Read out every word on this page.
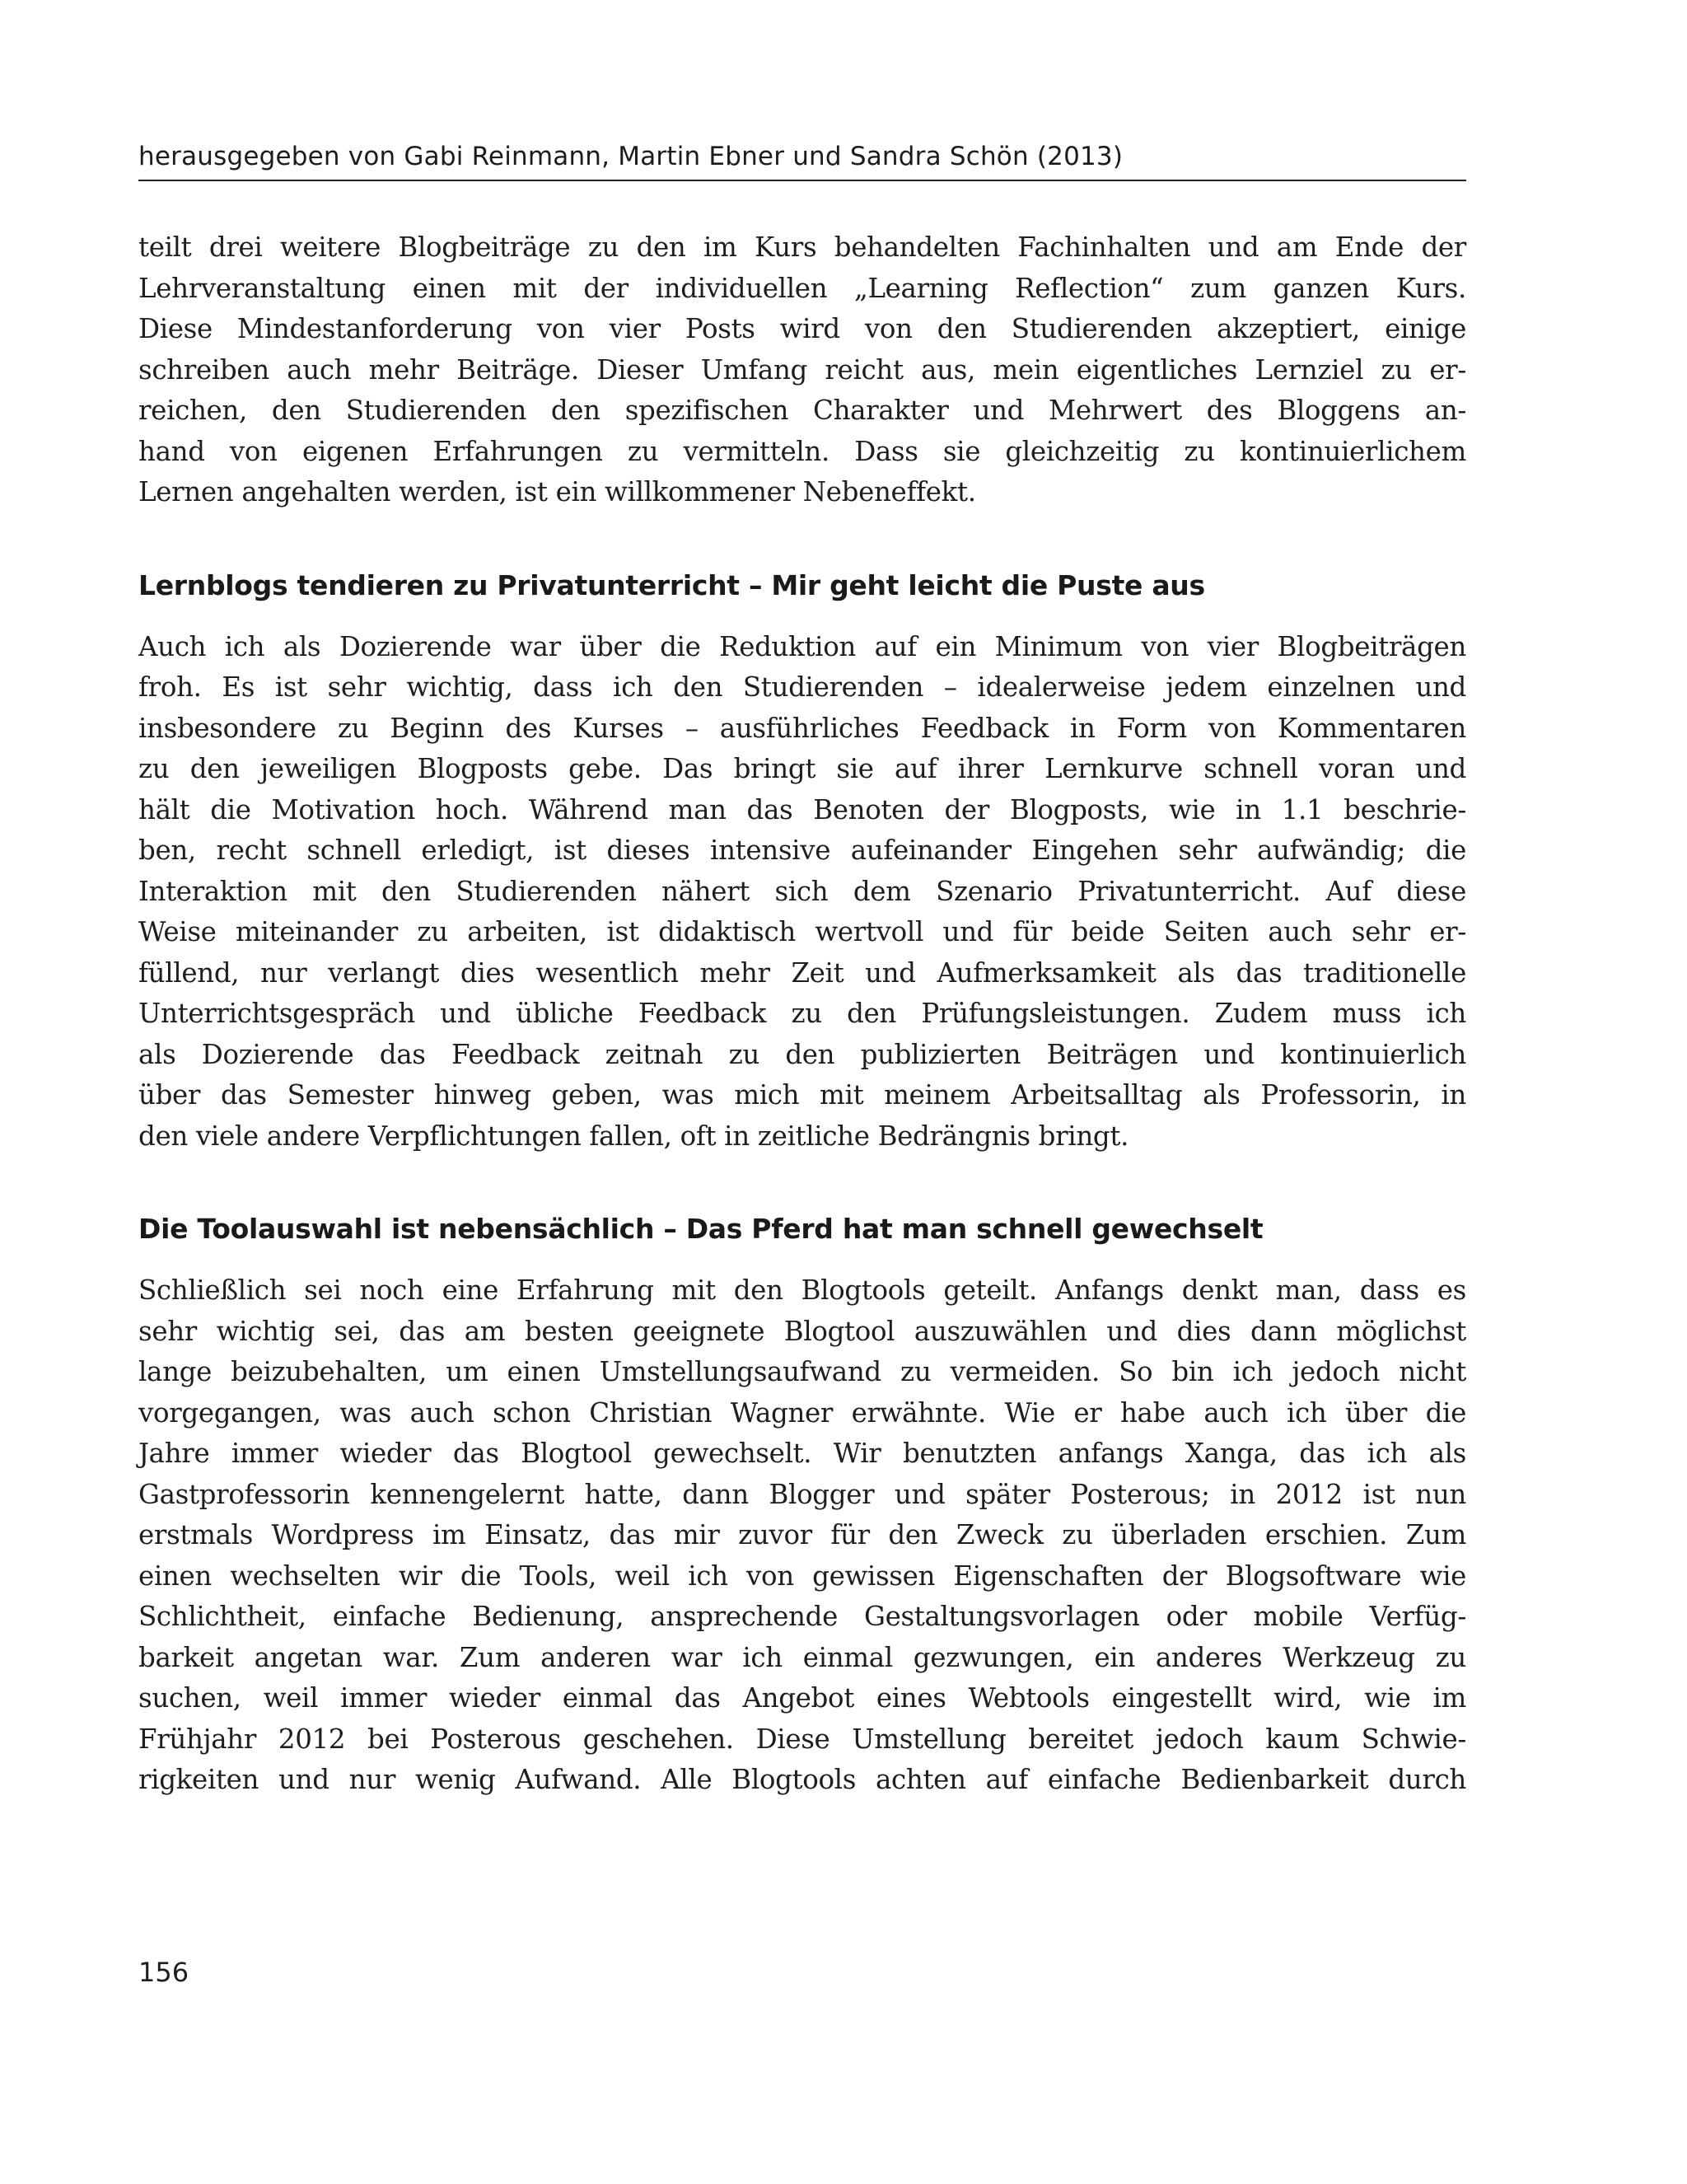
herausgegeben von Gabi Reinmann, Martin Ebner und Sandra Schön (2013)

teilt drei weitere Blogbeiträge zu den im Kurs behandelten Fachinhalten und am Ende der
Lehrveranstaltung einen mit der individuellen „Learning Reflection“ zum ganzen Kurs.
Diese Mindestanforderung von vier Posts wird von den Studierenden akzeptiert, einige
schreiben auch mehr Beiträge. Dieser Umfang reicht aus, mein eigentliches Lernziel zu er-
reichen, den Studierenden den spezifischen Charakter und Mehrwert des Bloggens an-
hand von eigenen Erfahrungen zu vermitteln. Dass sie gleichzeitig zu kontinuierlichem
Lernen angehalten werden, ist ein willkommener Nebeneffekt.

Lernblogs tendieren zu Privatunterricht – Mir geht leicht die Puste aus

Auch ich als Dozierende war über die Reduktion auf ein Minimum von vier Blogbeiträgen
froh. Es ist sehr wichtig, dass ich den Studierenden – idealerweise jedem einzelnen und
insbesondere zu Beginn des Kurses – ausführliches Feedback in Form von Kommentaren
zu den jeweiligen Blogposts gebe. Das bringt sie auf ihrer Lernkurve schnell voran und
hält die Motivation hoch. Während man das Benoten der Blogposts, wie in 1.1 beschrie-
ben, recht schnell erledigt, ist dieses intensive aufeinander Eingehen sehr aufwändig; die
Interaktion mit den Studierenden nähert sich dem Szenario Privatunterricht. Auf diese
Weise miteinander zu arbeiten, ist didaktisch wertvoll und für beide Seiten auch sehr er-
füllend, nur verlangt dies wesentlich mehr Zeit und Aufmerksamkeit als das traditionelle
Unterrichtsgespräch und übliche Feedback zu den Prüfungsleistungen. Zudem muss ich
als Dozierende das Feedback zeitnah zu den publizierten Beiträgen und kontinuierlich
über das Semester hinweg geben, was mich mit meinem Arbeitsalltag als Professorin, in
den viele andere Verpflichtungen fallen, oft in zeitliche Bedrängnis bringt.

Die Toolauswahl ist nebensächlich – Das Pferd hat man schnell gewechselt

Schließlich sei noch eine Erfahrung mit den Blogtools geteilt. Anfangs denkt man, dass es
sehr wichtig sei, das am besten geeignete Blogtool auszuwählen und dies dann möglichst
lange beizubehalten, um einen Umstellungsaufwand zu vermeiden. So bin ich jedoch nicht
vorgegangen, was auch schon Christian Wagner erwähnte. Wie er habe auch ich über die
Jahre immer wieder das Blogtool gewechselt. Wir benutzten anfangs Xanga, das ich als
Gastprofessorin kennengelernt hatte, dann Blogger und später Posterous; in 2012 ist nun
erstmals Wordpress im Einsatz, das mir zuvor für den Zweck zu überladen erschien. Zum
einen wechselten wir die Tools, weil ich von gewissen Eigenschaften der Blogsoftware wie
Schlichtheit, einfache Bedienung, ansprechende Gestaltungsvorlagen oder mobile Verfüg-
barkeit angetan war. Zum anderen war ich einmal gezwungen, ein anderes Werkzeug zu
suchen, weil immer wieder einmal das Angebot eines Webtools eingestellt wird, wie im
Frühjahr 2012 bei Posterous geschehen. Diese Umstellung bereitet jedoch kaum Schwie-
rigkeiten und nur wenig Aufwand. Alle Blogtools achten auf einfache Bedienbarkeit durch

156
